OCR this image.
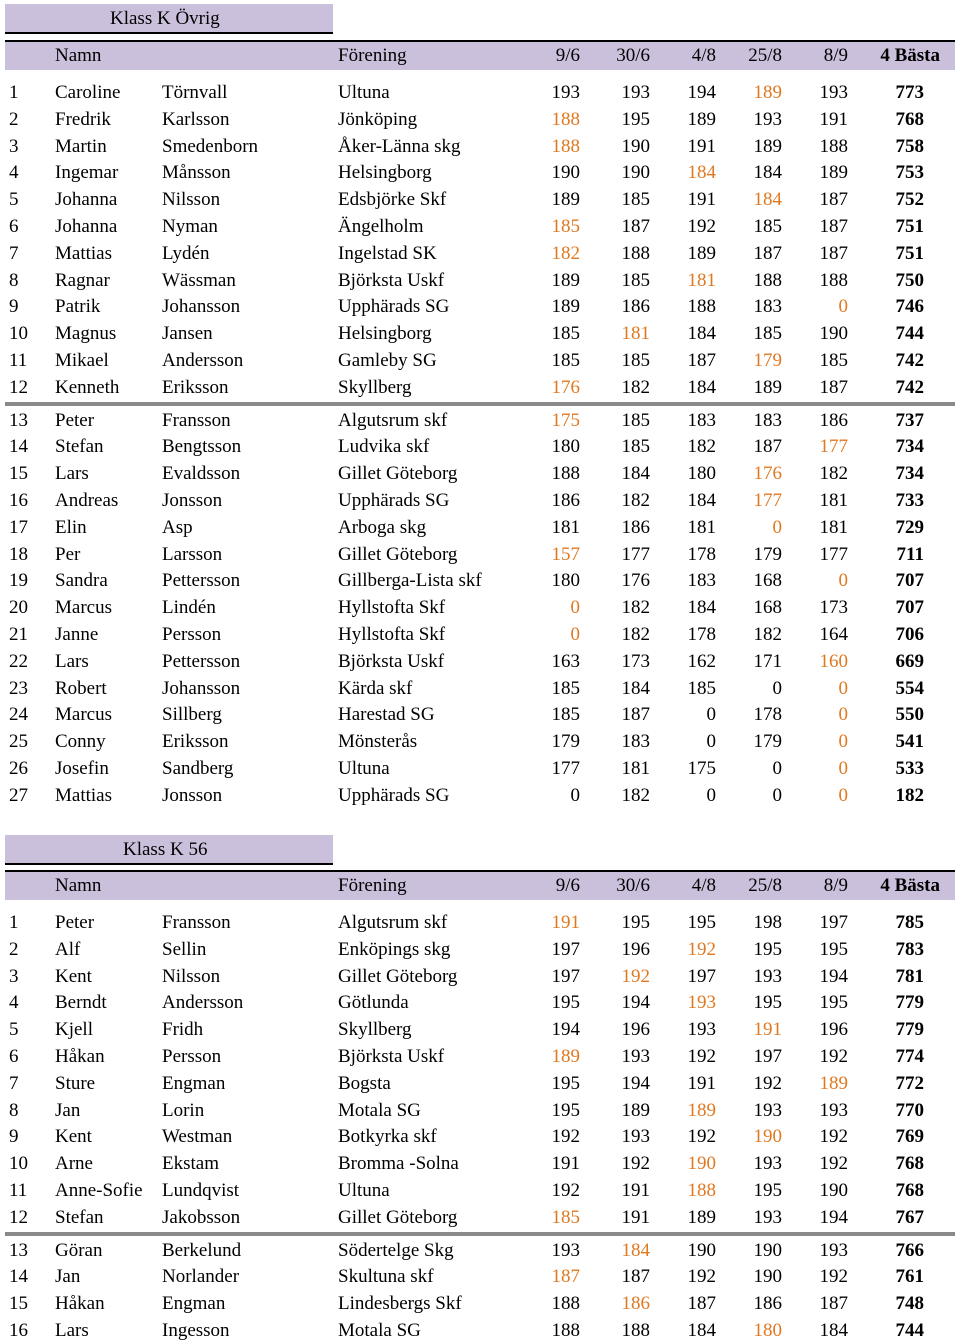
Klass K Övrig
Namn	Förening	9/6	30/6	4/8	25/8	8/9	4 Bästa
1 Caroline Törnvall	Ultuna	193	193	194	189	193	773
2 Fredrik	Karlsson	Jönköping	188	195	189	193	191	768
3 Martin	Smedenborn	Åker-Länna skg	188	190	191	189	188	758
4 Ingemar Månsson	Helsingborg	190	190	184	184	189	753
5 Johanna Nilsson	Edsbjörke Skf	189	185	191	184	187	752
6 Johanna Nyman	Ängelholm	185	187	192	185	187	751
7 Mattias	Lydén	Ingelstad SK	182	188	189	187	187	751
8 Ragnar	Wässman	Björksta Uskf	189	185	181	188	188	750
9 Patrik	Johansson	Upphärads SG	189	186	188	183	0	746
10 Magnus Jansen	Helsingborg	185	181	184	185	190	744
11 Mikael	Andersson	Gamleby SG	185	185	187	179	185	742
12 Kenneth Eriksson	Skyllberg	176	182	184	189	187	742
13 Peter	Fransson	Algutsrum skf	175	185	183	183	186	737
14 Stefan	Bengtsson	Ludvika skf	180	185	182	187	177	734
15 Lars	Evaldsson	Gillet Göteborg	188	184	180	176	182	734
16 Andreas Jonsson	Upphärads SG	186	182	184	177	181	733
17 Elin	Asp	Arboga skg	181	186	181	0	181	729
18 Per	Larsson	Gillet Göteborg	157	177	178	179	177	711
19 Sandra	Pettersson	Gillberga-Lista skf	180	176	183	168	0	707
20 Marcus	Lindén	Hyllstofta Skf	0	182	184	168	173	707
21 Janne	Persson	Hyllstofta Skf	0	182	178	182	164	706
22 Lars	Pettersson	Björksta Uskf	163	173	162	171	160	669
23 Robert	Johansson	Kärda skf	185	184	185	0	0	554
24 Marcus	Sillberg	Harestad SG	185	187	0	178	0	550
25 Conny	Eriksson	Mönsterås	179	183	0	179	0	541
26 Josefin	Sandberg	Ultuna	177	181	175	0	0	533
27 Mattias	Jonsson	Upphärads SG	0	182	0	0	0	182
Klass K 56
Namn	Förening	9/6	30/6	4/8	25/8	8/9	4 Bästa
1 Peter	Fransson	Algutsrum skf	191	195	195	198	197	785
2 Alf	Sellin	Enköpings skg	197	196	192	195	195	783
3 Kent	Nilsson	Gillet Göteborg	197	192	197	193	194	781
4 Berndt	Andersson	Götlunda	195	194	193	195	195	779
5 Kjell	Fridh	Skyllberg	194	196	193	191	196	779
6 Håkan	Persson	Björksta Uskf	189	193	192	197	192	774
7 Sture	Engman	Bogsta	195	194	191	192	189	772
8 Jan	Lorin	Motala SG	195	189	189	193	193	770
9 Kent	Westman	Botkyrka skf	192	193	192	190	192	769
10 Arne	Ekstam	Bromma -Solna	191	192	190	193	192	768
11 Anne-Sofie Lundqvist	Ultuna	192	191	188	195	190	768
12 Stefan	Jakobsson	Gillet Göteborg	185	191	189	193	194	767
13 Göran	Berkelund	Södertelge Skg	193	184	190	190	193	766
14 Jan	Norlander	Skultuna skf	187	187	192	190	192	761
15 Håkan	Engman	Lindesbergs Skf	188	186	187	186	187	748
16 Lars	Ingesson	Motala SG	188	188	184	180	184	744
